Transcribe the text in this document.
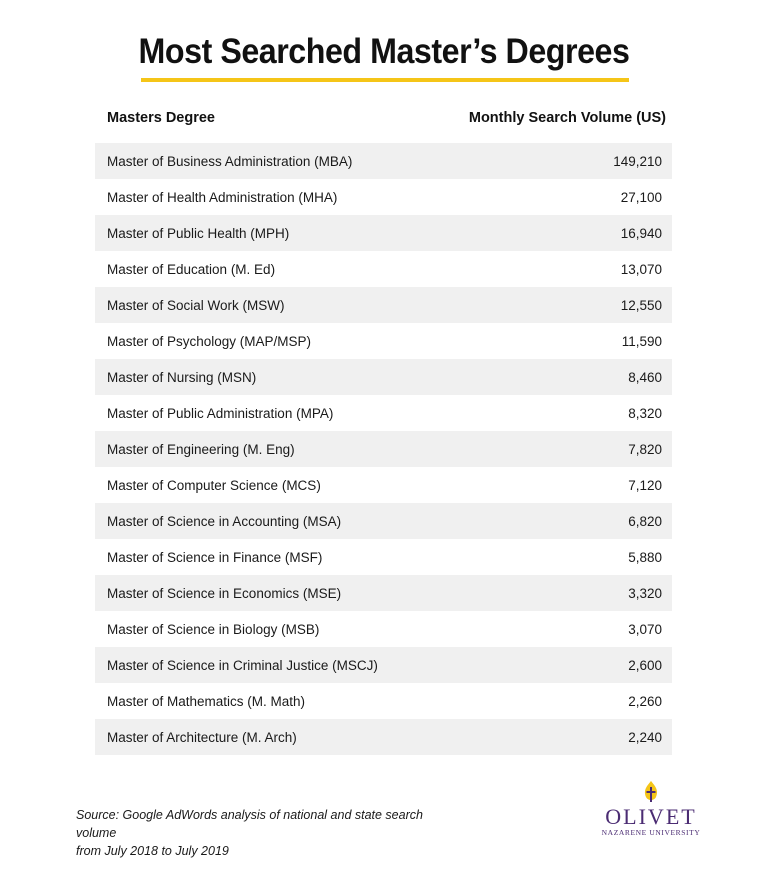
Most Searched Master’s Degrees
Masters Degree	Monthly Search Volume (US)
Master of Business Administration (MBA)	149,210
Master of Health Administration (MHA)	27,100
Master of Public Health (MPH)	16,940
Master of Education (M. Ed)	13,070
Master of Social Work (MSW)	12,550
Master of Psychology (MAP/MSP)	11,590
Master of Nursing (MSN)	8,460
Master of Public Administration (MPA)	8,320
Master of Engineering (M. Eng)	7,820
Master of Computer Science (MCS)	7,120
Master of Science in Accounting (MSA)	6,820
Master of Science in Finance (MSF)	5,880
Master of Science in Economics (MSE)	3,320
Master of Science in Biology (MSB)	3,070
Master of Science in Criminal Justice (MSCJ)	2,600
Master of Mathematics (M. Math)	2,260
Master of Architecture (M. Arch)	2,240
Source: Google AdWords analysis of national and state search volume
from July 2018 to July 2019
OLIVET
NAZARENE UNIVERSITY
